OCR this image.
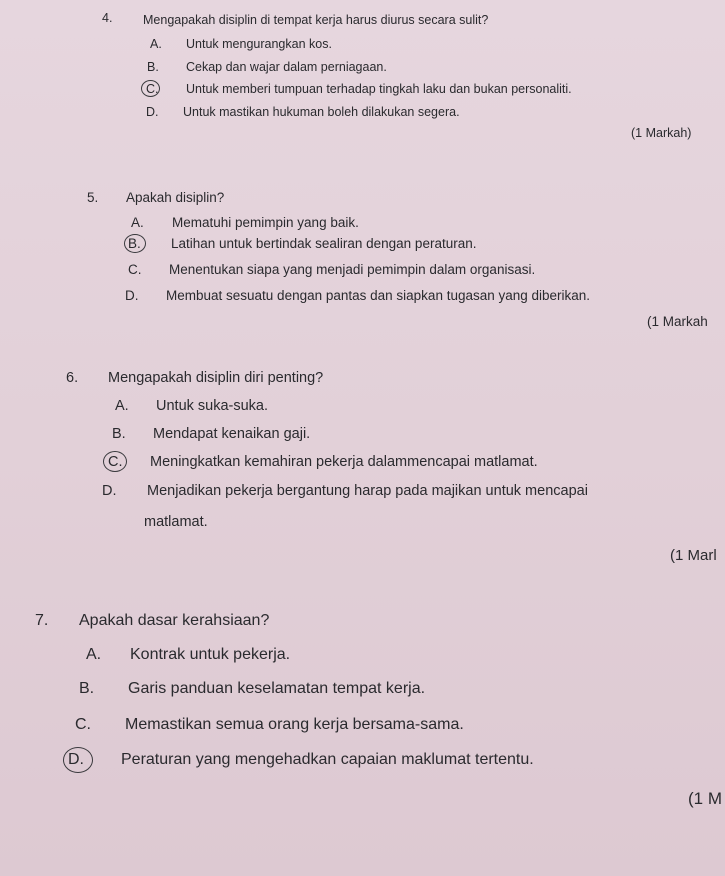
4. Mengapakah disiplin di tempat kerja harus diurus secara sulit?
A. Untuk mengurangkan kos.
B. Cekap dan wajar dalam perniagaan.
C. Untuk memberi tumpuan terhadap tingkah laku dan bukan personaliti.
D. Untuk mastikan hukuman boleh dilakukan segera.
(1 Markah)
5. Apakah disiplin?
A. Mematuhi pemimpin yang baik.
B. Latihan untuk bertindak sealiran dengan peraturan.
C. Menentukan siapa yang menjadi pemimpin dalam organisasi.
D. Membuat sesuatu dengan pantas dan siapkan tugasan yang diberikan.
(1 Markah
6. Mengapakah disiplin diri penting?
A. Untuk suka-suka.
B. Mendapat kenaikan gaji.
C. Meningkatkan kemahiran pekerja dalammencapai matlamat.
D. Menjadikan pekerja bergantung harap pada majikan untuk mencapai
matlamat.
(1 Marl
7. Apakah dasar kerahsiaan?
A. Kontrak untuk pekerja.
B. Garis panduan keselamatan tempat kerja.
C. Memastikan semua orang kerja bersama-sama.
D. Peraturan yang mengehadkan capaian maklumat tertentu.
(1 M
